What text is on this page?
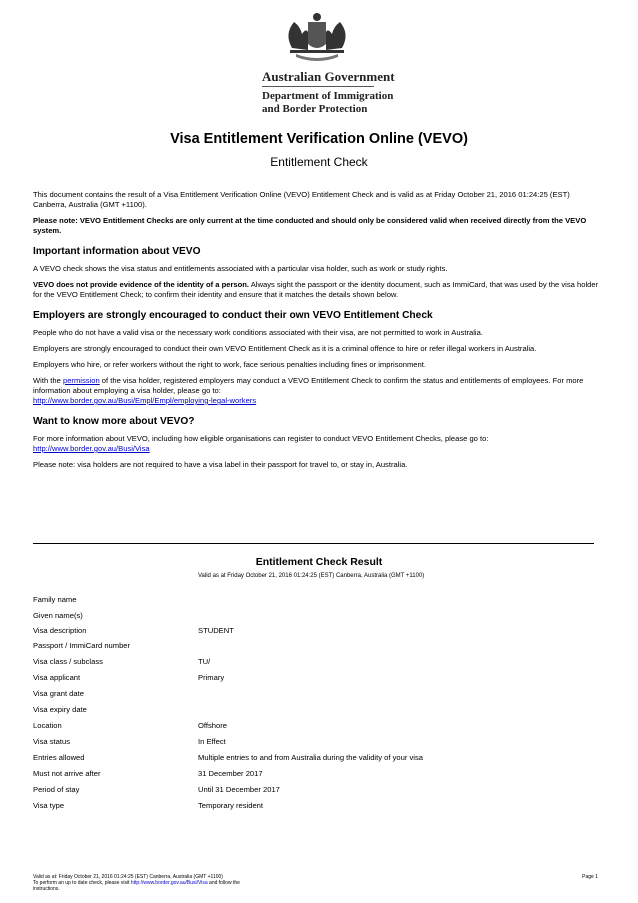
Australian Government
Department of Immigration
and Border Protection
Visa Entitlement Verification Online (VEVO)
Entitlement Check

This document contains the result of a Visa Entitlement Verification Online (VEVO) Entitlement Check and is valid as at Friday October 21, 2016 01:24:25 (EST) Canberra, Australia (GMT +1100).

Please note: VEVO Entitlement Checks are only current at the time conducted and should only be considered valid when received directly from the VEVO system.

Important information about VEVO

A VEVO check shows the visa status and entitlements associated with a particular visa holder, such as work or study rights.

VEVO does not provide evidence of the identity of a person. Always sight the passport or the identity document, such as ImmiCard, that was used by the visa holder for the VEVO Entitlement Check; to confirm their identity and ensure that it matches the details shown below.

Employers are strongly encouraged to conduct their own VEVO Entitlement Check

People who do not have a valid visa or the necessary work conditions associated with their visa, are not permitted to work in Australia.

Employers are strongly encouraged to conduct their own VEVO Entitlement Check as it is a criminal offence to hire or refer illegal workers in Australia.

Employers who hire, or refer workers without the right to work, face serious penalties including fines or imprisonment.

With the permission of the visa holder, registered employers may conduct a VEVO Entitlement Check to confirm the status and entitlements of employees. For more information about employing a visa holder, please go to:
http://www.border.gov.au/Busi/Empl/Empl/employing-legal-workers

Want to know more about VEVO?

For more information about VEVO, including how eligible organisations can register to conduct VEVO Entitlement Checks, please go to:
http://www.border.gov.au/Busi/Visa

Please note: visa holders are not required to have a visa label in their passport for travel to, or stay in, Australia.

Entitlement Check Result
Valid as at Friday October 21, 2016 01:24:25 (EST) Canberra, Australia (GMT +1100)
Family name
Given name(s)
Visa description	STUDENT
Passport / ImmiCard number
Visa class / subclass	TU/
Visa applicant	Primary
Visa grant date
Visa expiry date
Location	Offshore
Visa status	In Effect
Entries allowed	Multiple entries to and from Australia during the validity of your visa
Must not arrive after	31 December 2017
Period of stay	Until 31 December 2017
Visa type	Temporary resident
Valid as at: Friday October 21, 2016 01:24:25 (EST) Canberra, Australia (GMT +1100)
To perform an up to date check, please visit http://www.border.gov.au/Busi/Visa and follow the
instructions.
Page 1
